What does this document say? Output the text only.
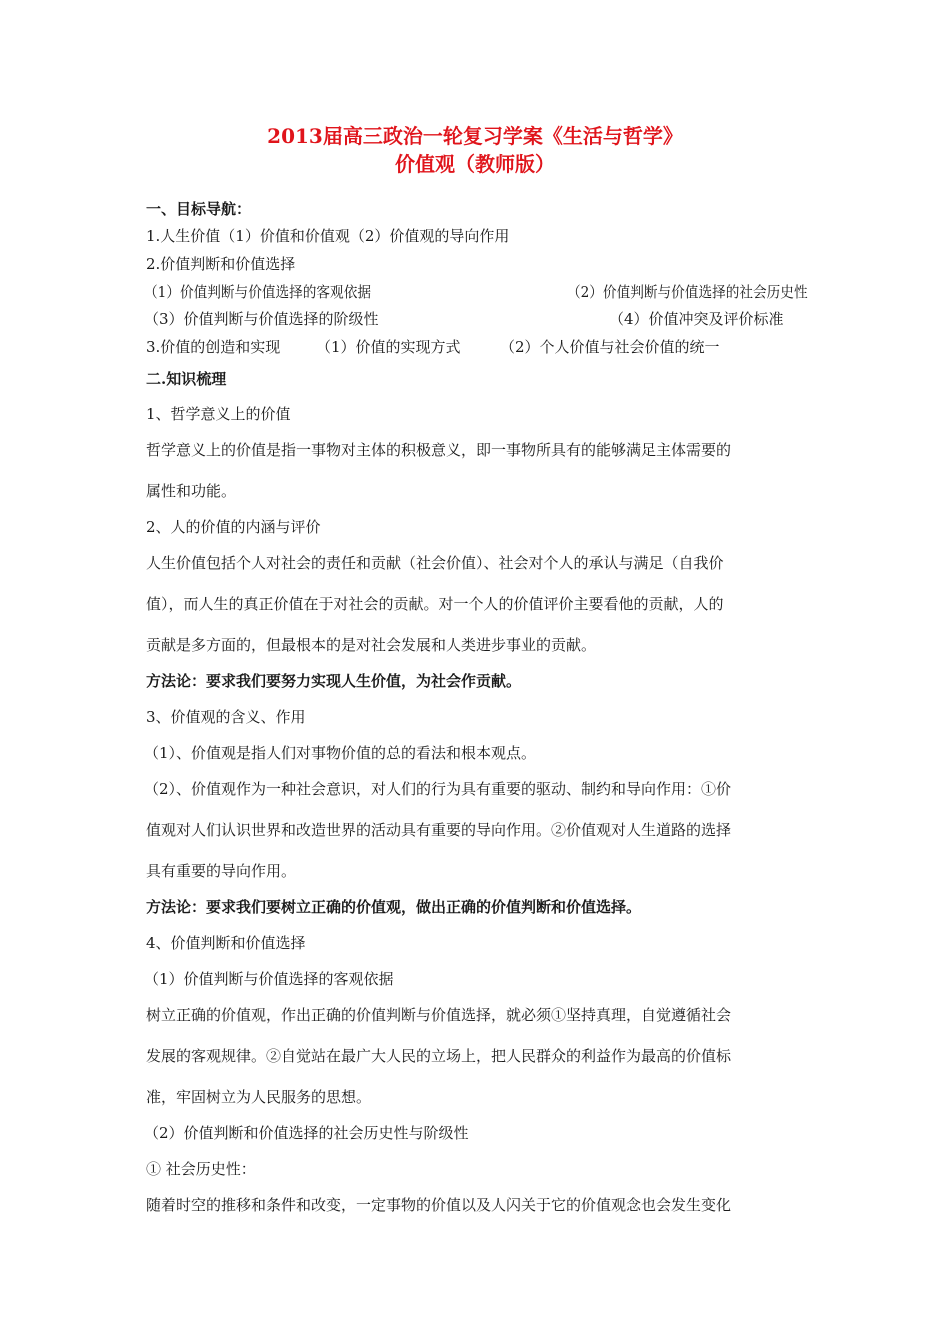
2013届高三政治一轮复习学案《生活与哲学》
价值观（教师版）
一、目标导航：
1.人生价值（1）价值和价值观（2）价值观的导向作用
2.价值判断和价值选择
（1）价值判断与价值选择的客观依据	（2）价值判断与价值选择的社会历史性
（3）价值判断与价值选择的阶级性	（4）价值冲突及评价标准
3.价值的创造和实现 （1）价值的实现方式	（2）个人价值与社会价值的统一
二.知识梳理
1、哲学意义上的价值
哲学意义上的价值是指一事物对主体的积极意义，即一事物所具有的能够满足主体需要的
属性和功能。
2、人的价值的内涵与评价
人生价值包括个人对社会的责任和贡献（社会价值）、社会对个人的承认与满足（自我价
值），而人生的真正价值在于对社会的贡献。对一个人的价值评价主要看他的贡献，人的
贡献是多方面的，但最根本的是对社会发展和人类进步事业的贡献。
方法论：要求我们要努力实现人生价值，为社会作贡献。
3、价值观的含义、作用
（1）、价值观是指人们对事物价值的总的看法和根本观点。
（2）、价值观作为一种社会意识，对人们的行为具有重要的驱动、制约和导向作用：①价
值观对人们认识世界和改造世界的活动具有重要的导向作用。②价值观对人生道路的选择
具有重要的导向作用。
方法论：要求我们要树立正确的价值观，做出正确的价值判断和价值选择。
4、价值判断和价值选择
（1）价值判断与价值选择的客观依据
树立正确的价值观，作出正确的价值判断与价值选择，就必须①坚持真理，自觉遵循社会
发展的客观规律。②自觉站在最广大人民的立场上，把人民群众的利益作为最高的价值标
准，牢固树立为人民服务的思想。
（2）价值判断和价值选择的社会历史性与阶级性
① 社会历史性：
随着时空的推移和条件和改变，一定事物的价值以及人闪关于它的价值观念也会发生变化
